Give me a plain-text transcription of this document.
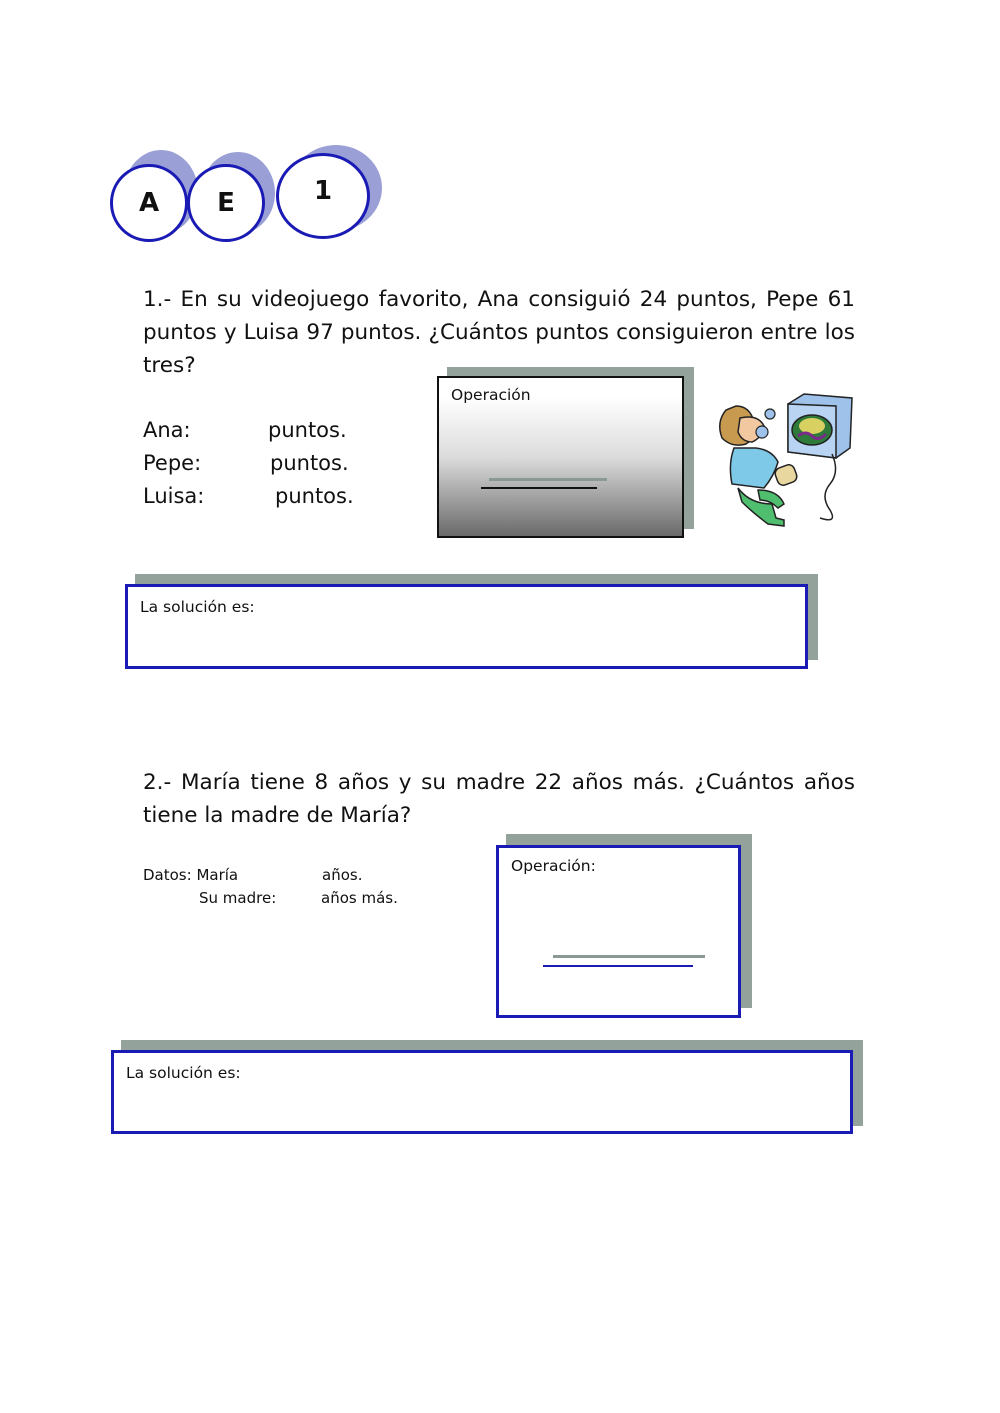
A	E	1
1.- En su videojuego favorito, Ana consiguió 24 puntos, Pepe 61 puntos y Luisa 97 puntos. ¿Cuántos puntos consiguieron entre los tres?
Ana:	puntos.
Pepe:	puntos.
Luisa:	puntos.
Operación
La solución es:
2.- María tiene 8 años y su madre 22 años más. ¿Cuántos años tiene la madre de María?
Datos: María	años.
Su madre:	años más.
Operación:
La solución es:
